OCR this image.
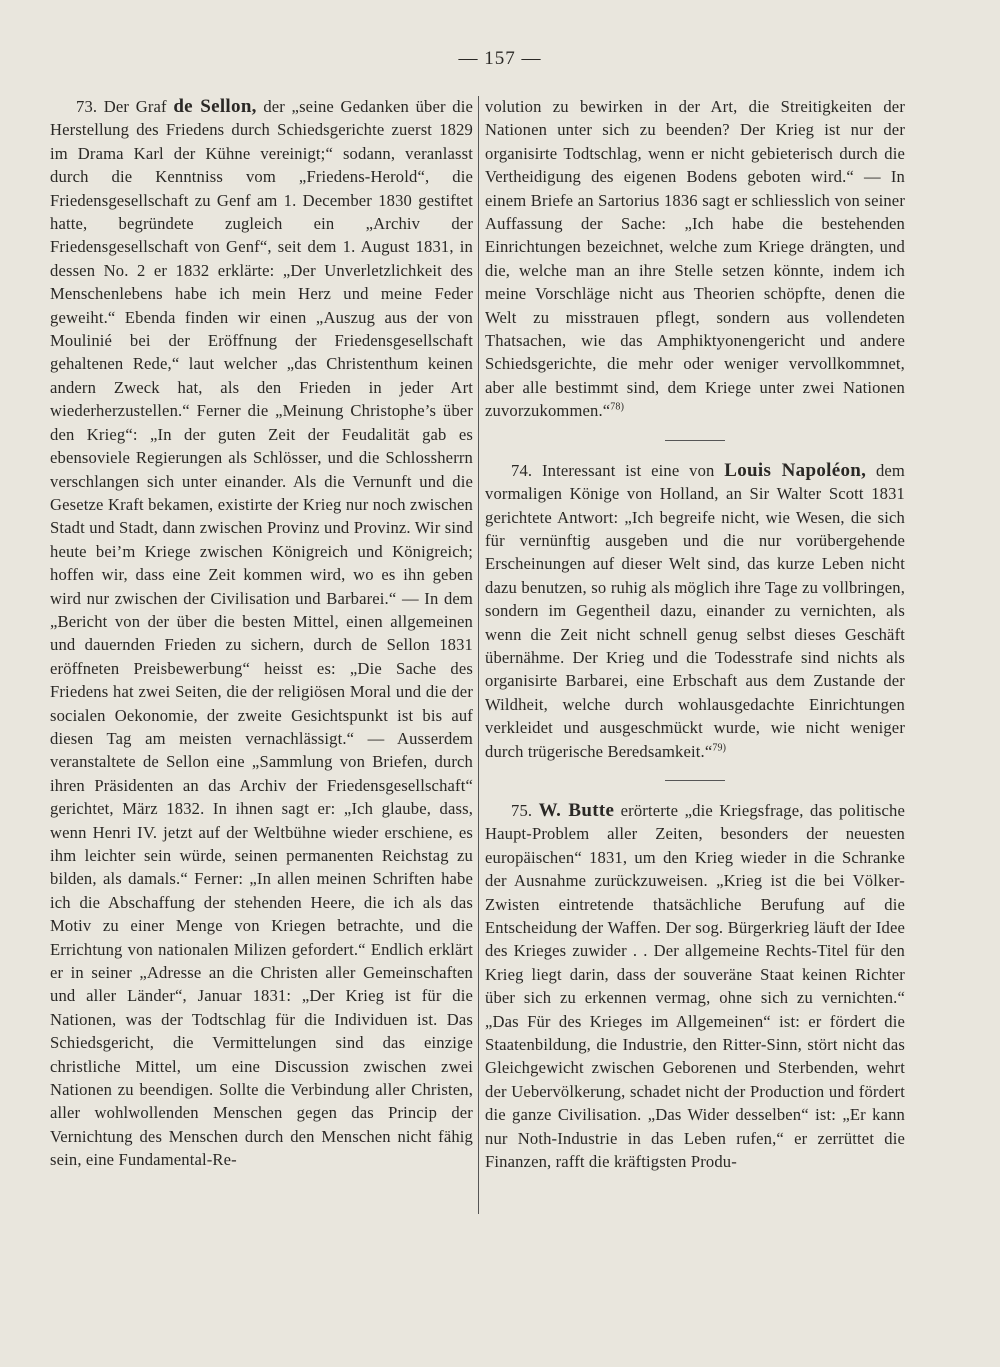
— 157 —

73. Der Graf de Sellon, der „seine Gedanken über die Herstellung des Friedens durch Schiedsgerichte zuerst 1829 im Drama Karl der Kühne vereinigt;“ sodann, veranlasst durch die Kenntniss vom „Friedens-Herold“, die Friedensgesellschaft zu Genf am 1. December 1830 gestiftet hatte, begründete zugleich ein „Archiv der Friedensgesellschaft von Genf“, seit dem 1. August 1831, in dessen No. 2 er 1832 erklärte: „Der Unverletzlichkeit des Menschenlebens habe ich mein Herz und meine Feder geweiht.“ Ebenda finden wir einen „Auszug aus der von Moulinié bei der Eröffnung der Friedensgesellschaft gehaltenen Rede,“ laut welcher „das Christenthum keinen andern Zweck hat, als den Frieden in jeder Art wiederherzustellen.“ Ferner die „Meinung Christophe’s über den Krieg“: „In der guten Zeit der Feudalität gab es ebensoviele Regierungen als Schlösser, und die Schlossherrn verschlangen sich unter einander. Als die Vernunft und die Gesetze Kraft bekamen, existirte der Krieg nur noch zwischen Stadt und Stadt, dann zwischen Provinz und Provinz. Wir sind heute bei’m Kriege zwischen Königreich und Königreich; hoffen wir, dass eine Zeit kommen wird, wo es ihn geben wird nur zwischen der Civilisation und Barbarei.“ — In dem „Bericht von der über die besten Mittel, einen allgemeinen und dauernden Frieden zu sichern, durch de Sellon 1831 eröffneten Preisbewerbung“ heisst es: „Die Sache des Friedens hat zwei Seiten, die der religiösen Moral und die der socialen Oekonomie, der zweite Gesichtspunkt ist bis auf diesen Tag am meisten vernachlässigt.“ — Ausserdem veranstaltete de Sellon eine „Sammlung von Briefen, durch ihren Präsidenten an das Archiv der Friedensgesellschaft“ gerichtet, März 1832. In ihnen sagt er: „Ich glaube, dass, wenn Henri IV. jetzt auf der Weltbühne wieder erschiene, es ihm leichter sein würde, seinen permanenten Reichstag zu bilden, als damals.“ Ferner: „In allen meinen Schriften habe ich die Abschaffung der stehenden Heere, die ich als das Motiv zu einer Menge von Kriegen betrachte, und die Errichtung von nationalen Milizen gefordert.“ Endlich erklärt er in seiner „Adresse an die Christen aller Gemeinschaften und aller Länder“, Januar 1831: „Der Krieg ist für die Nationen, was der Todtschlag für die Individuen ist. Das Schiedsgericht, die Vermittelungen sind das einzige christliche Mittel, um eine Discussion zwischen zwei Nationen zu beendigen. Sollte die Verbindung aller Christen, aller wohlwollenden Menschen gegen das Princip der Vernichtung des Menschen durch den Menschen nicht fähig sein, eine Fundamental-Re-

volution zu bewirken in der Art, die Streitigkeiten der Nationen unter sich zu beenden? Der Krieg ist nur der organisirte Todtschlag, wenn er nicht gebieterisch durch die Vertheidigung des eigenen Bodens geboten wird.“ — In einem Briefe an Sartorius 1836 sagt er schliesslich von seiner Auffassung der Sache: „Ich habe die bestehenden Einrichtungen bezeichnet, welche zum Kriege drängten, und die, welche man an ihre Stelle setzen könnte, indem ich meine Vorschläge nicht aus Theorien schöpfte, denen die Welt zu misstrauen pflegt, sondern aus vollendeten Thatsachen, wie das Amphiktyonengericht und andere Schiedsgerichte, die mehr oder weniger vervollkommnet, aber alle bestimmt sind, dem Kriege unter zwei Nationen zuvorzukommen.“$^{78)}$

74. Interessant ist eine von Louis Napoléon, dem vormaligen Könige von Holland, an Sir Walter Scott 1831 gerichtete Antwort: „Ich begreife nicht, wie Wesen, die sich für vernünftig ausgeben und die nur vorübergehende Erscheinungen auf dieser Welt sind, das kurze Leben nicht dazu benutzen, so ruhig als möglich ihre Tage zu vollbringen, sondern im Gegentheil dazu, einander zu vernichten, als wenn die Zeit nicht schnell genug selbst dieses Geschäft übernähme. Der Krieg und die Todesstrafe sind nichts als organisirte Barbarei, eine Erbschaft aus dem Zustande der Wildheit, welche durch wohlausgedachte Einrichtungen verkleidet und ausgeschmückt wurde, wie nicht weniger durch trügerische Beredsamkeit.“$^{79)}$

75. W. Butte erörterte „die Kriegsfrage, das politische Haupt-Problem aller Zeiten, besonders der neuesten europäischen“ 1831, um den Krieg wieder in die Schranke der Ausnahme zurückzuweisen. „Krieg ist die bei Völker-Zwisten eintretende thatsächliche Berufung auf die Entscheidung der Waffen. Der sog. Bürgerkrieg läuft der Idee des Krieges zuwider . . Der allgemeine Rechts-Titel für den Krieg liegt darin, dass der souveräne Staat keinen Richter über sich zu erkennen vermag, ohne sich zu vernichten.“ „Das Für des Krieges im Allgemeinen“ ist: er fördert die Staatenbildung, die Industrie, den Ritter-Sinn, stört nicht das Gleichgewicht zwischen Geborenen und Sterbenden, wehrt der Uebervölkerung, schadet nicht der Production und fördert die ganze Civilisation. „Das Wider desselben“ ist: „Er kann nur Noth-Industrie in das Leben rufen,“ er zerrüttet die Finanzen, rafft die kräftigsten Produ-
